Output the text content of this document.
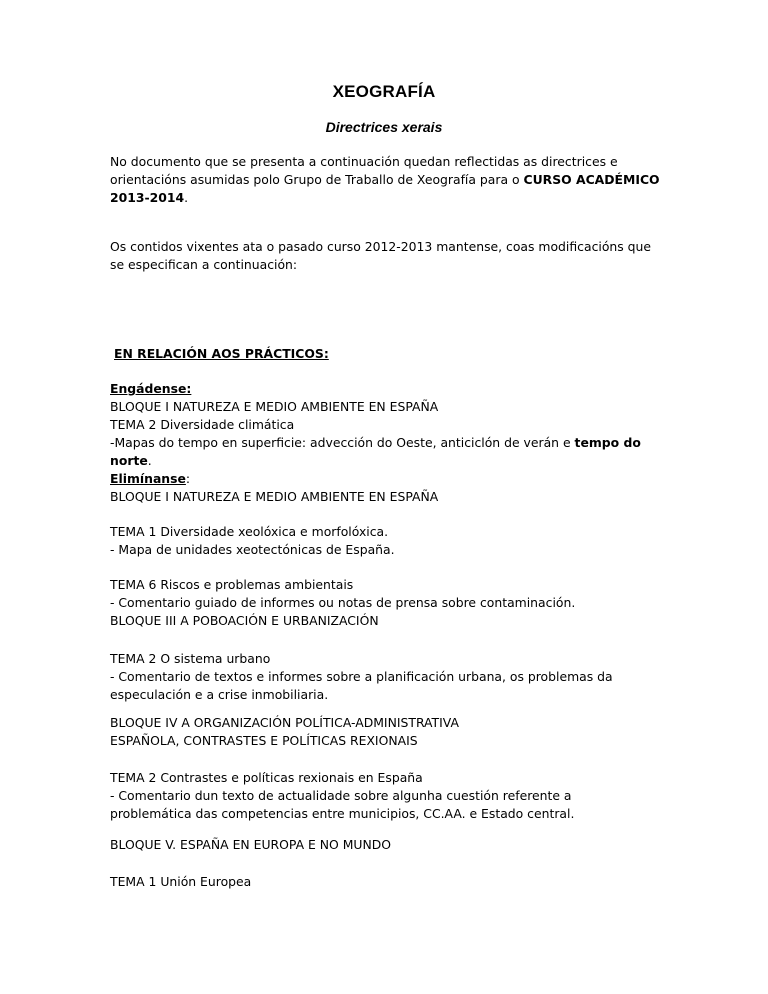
XEOGRAFÍA
Directrices xerais
No documento que se presenta a continuación quedan reflectidas as directrices e
orientacións asumidas polo Grupo de Traballo de Xeografía para o CURSO ACADÉMICO
2013-2014.
Os contidos vixentes ata o pasado curso 2012-2013 mantense, coas modificacións que
se especifican a continuación:
EN RELACIÓN AOS PRÁCTICOS:
Engádense:
BLOQUE I NATUREZA E MEDIO AMBIENTE EN ESPAÑA
TEMA 2 Diversidade climática
-Mapas do tempo en superficie: advección do Oeste, anticiclón de verán e tempo do
norte.
Elimínanse:
BLOQUE I NATUREZA E MEDIO AMBIENTE EN ESPAÑA
TEMA 1 Diversidade xeolóxica e morfolóxica.
- Mapa de unidades xeotectónicas de España.
TEMA 6 Riscos e problemas ambientais
- Comentario guiado de informes ou notas de prensa sobre contaminación.
BLOQUE III A POBOACIÓN E URBANIZACIÓN
TEMA 2 O sistema urbano
- Comentario de textos e informes sobre a planificación urbana, os problemas da
especulación e a crise inmobiliaria.
BLOQUE IV A ORGANIZACIÓN POLÍTICA-ADMINISTRATIVA
ESPAÑOLA, CONTRASTES E POLÍTICAS REXIONAIS
TEMA 2 Contrastes e políticas rexionais en España
- Comentario dun texto de actualidade sobre algunha cuestión referente a
problemática das competencias entre municipios, CC.AA. e Estado central.
BLOQUE V. ESPAÑA EN EUROPA E NO MUNDO
TEMA 1 Unión Europea
